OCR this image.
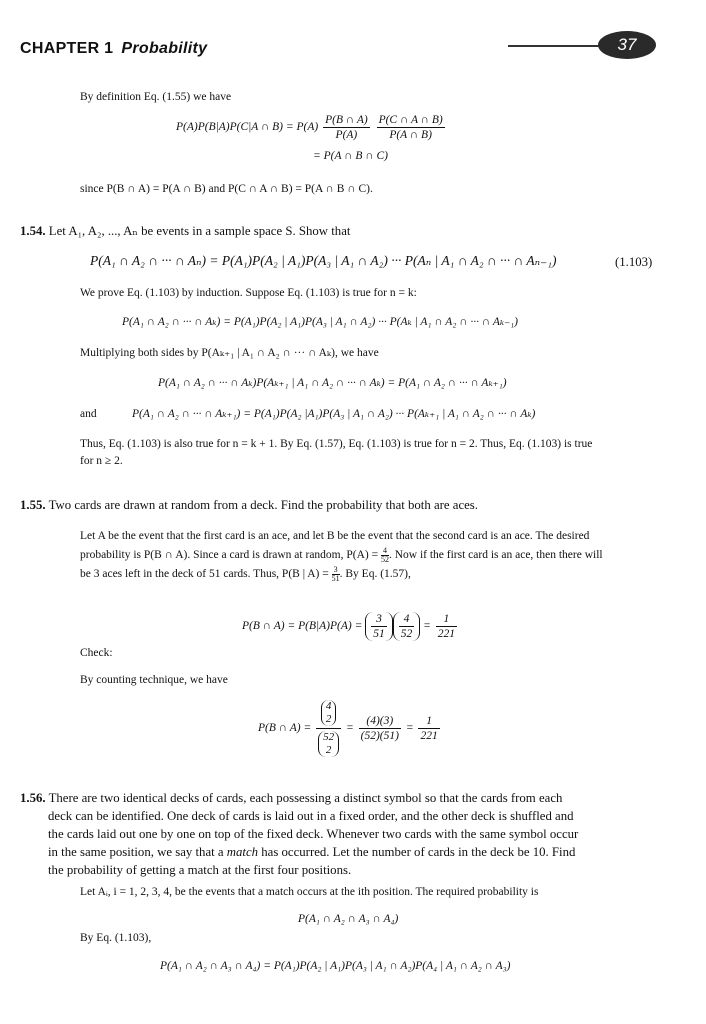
CHAPTER 1 Probability	37
By definition Eq. (1.55) we have
P(A)P(B|A)P(C|A ∩ $B) = P(A) \frac{P(B \cap A)}{P(A)}$
$\frac{P(C \cap A \cap B)}{P(A \cap B)}$
= P(A ∩ B ∩ C)
since P(B ∩ A) = P(A ∩ B) and P(C ∩ A ∩ B) = P(A ∩ B ∩ C).
1.54. Let A₁, A₂, ..., Aₙ be events in a sample space S. Show that
P(A₁ ∩ A₂ ∩ ··· ∩ Aₙ) = P(A₁)P(A₂ | A₁)P(A₃ | A₁ ∩ A₂) ··· P(Aₙ | A₁ ∩ A₂ ∩ ··· ∩ Aₙ₋₁)	(1.103)
We prove Eq. (1.103) by induction. Suppose Eq. (1.103) is true for n = k:
P(A₁ ∩ A₂ ∩ ··· ∩ Aₖ) = P(A₁)P(A₂ | A₁)P(A₃ | A₁ ∩ A₂) ··· P(Aₖ | A₁ ∩ A₂ ∩ ··· ∩ Aₖ₋₁)
Multiplying both sides by P(Aₖ₊₁ | A₁ ∩ A₂ ∩ ··· ∩ Aₖ), we have
P(A₁ ∩ A₂ ∩ ··· ∩ Aₖ)P(Aₖ₊₁ | A₁ ∩ A₂ ∩ ··· ∩ Aₖ) = P(A₁ ∩ A₂ ∩ ··· ∩ Aₖ₊₁)
and	P(A₁ ∩ A₂ ∩ ··· ∩ Aₖ₊₁) = P(A₁)P(A₂ |A₁)P(A₃ | A₁ ∩ A₂) ··· P(Aₖ₊₁ | A₁ ∩ A₂ ∩ ··· ∩ Aₖ)
Thus, Eq. (1.103) is also true for n = k + 1. By Eq. (1.57), Eq. (1.103) is true for n = 2. Thus, Eq. (1.103) is true
for n ≥ 2.
1.55. Two cards are drawn at random from a deck. Find the probability that both are aces.
Let A be the event that the first card is an ace, and let B be the event that the second card is an ace. The desired
probability is P(B ∩ A). Since a card is drawn at random, $P(A) = \frac{4}{52}$ . Now if the first card is an ace, then there will
be 3 aces left in the deck of 51 cards. Thus, P(B | $A) = \frac{3}{51}$ . By Eq. (1.57),
P(B ∩ $A) = P(B|A)P(A) = \frac{3}{51} \frac{4}{52} = \frac{1}{221}$
Check:
By counting technique, we have
P(B ∩ A) =
4
2
52
2
= $\frac{(4)(3)}{(52)(51)} = \frac{1}{221}$
1.56. There are two identical decks of cards, each possessing a distinct symbol so that the cards from each
deck can be identified. One deck of cards is laid out in a fixed order, and the other deck is shuffled and
the cards laid out one by one on top of the fixed deck. Whenever two cards with the same symbol occur
in the same position, we say that a match has occurred. Let the number of cards in the deck be 10. Find
the probability of getting a match at the first four positions.
Let Aᵢ, i = 1, 2, 3, 4, be the events that a match occurs at the ith position. The required probability is
P(A₁ ∩ A₂ ∩ A₃ ∩ A₄)
By Eq. (1.103),
P(A₁ ∩ A₂ ∩ A₃ ∩ A₄) = P(A₁)P(A₂ | A₁)P(A₃ | A₁ ∩ A₂)P(A₄ | A₁ ∩ A₂ ∩ A₃)
